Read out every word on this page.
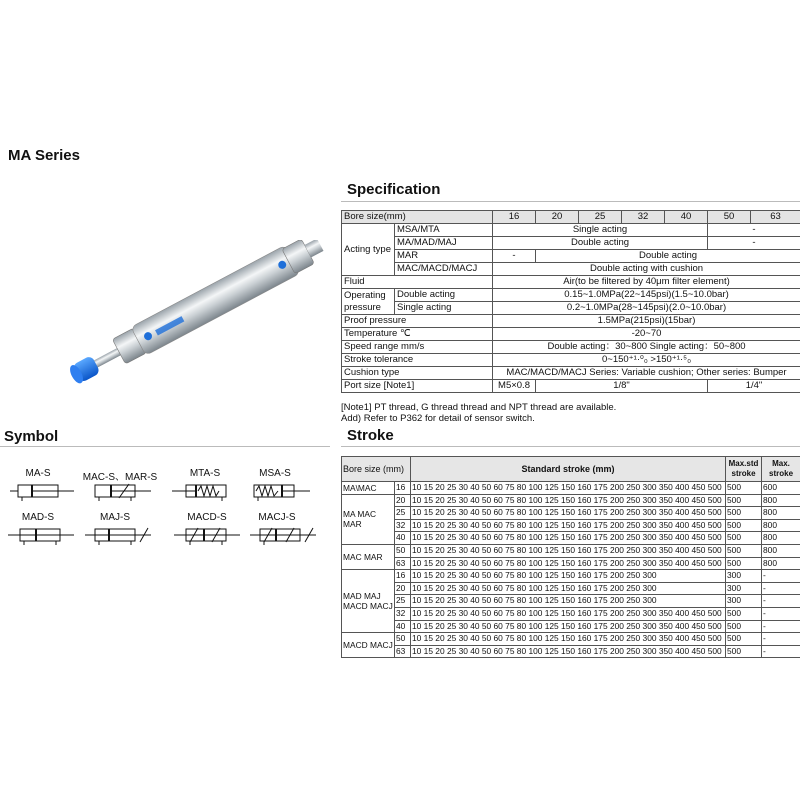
MA Series
Specification
Bore size(mm)		16	20	25	32	40	50	63
Acting type	MSA/MTA	Single acting					-	
	MA/MAD/MAJ	Double acting					-	
	MAR	-	Double acting					
	MAC/MACD/MACJ	Double acting with cushion						
Fluid		Air(to be filtered by 40μm filter element)						
Operating pressure	Double acting	0.15~1.0MPa(22~145psi)(1.5~10.0bar)						
	Single acting	0.2~1.0MPa(28~145psi)(2.0~10.0bar)						
Proof pressure		1.5MPa(215psi)(15bar)						
Temperature ℃		-20~70						
Speed range mm/s		Double acting：30~800 Single acting：50~800						
Stroke tolerance		0~150⁺¹·⁰₀ >150⁺¹·⁵₀						
Cushion type		MAC/MACD/MACJ Series: Variable cushion; Other series: Bumper						
Port size [Note1]		M5×0.8	1/8"				1/4"	
[Note1] PT thread, G thread thread and NPT thread are available.
Add) Refer to P362 for detail of sensor switch.
Symbol
MA-S	MAC-S、MAR-S	MTA-S	MSA-S
MAD-S	MAJ-S	MACD-S	MACJ-S
Stroke
Bore size (mm)		Standard stroke (mm)	Max.std stroke	Max. stroke
MA\MAC	16	10 15 20 25 30 40 50 60 75 80 100 125 150 160 175 200 250 300 350 400 450 500	500	600
MA MAC MAR	20	10 15 20 25 30 40 50 60 75 80 100 125 150 160 175 200 250 300 350 400 450 500	500	800
	25	10 15 20 25 30 40 50 60 75 80 100 125 150 160 175 200 250 300 350 400 450 500	500	800
	32	10 15 20 25 30 40 50 60 75 80 100 125 150 160 175 200 250 300 350 400 450 500	500	800
	40	10 15 20 25 30 40 50 60 75 80 100 125 150 160 175 200 250 300 350 400 450 500	500	800
MAC MAR	50	10 15 20 25 30 40 50 60 75 80 100 125 150 160 175 200 250 300 350 400 450 500	500	800
	63	10 15 20 25 30 40 50 60 75 80 100 125 150 160 175 200 250 300 350 400 450 500	500	800
MAD MAJ MACD MACJ	16	10 15 20 25 30 40 50 60 75 80 100 125 150 160 175 200 250 300	300	-
	20	10 15 20 25 30 40 50 60 75 80 100 125 150 160 175 200 250 300	300	-
	25	10 15 20 25 30 40 50 60 75 80 100 125 150 160 175 200 250 300	300	-
	32	10 15 20 25 30 40 50 60 75 80 100 125 150 160 175 200 250 300 350 400 450 500	500	-
	40	10 15 20 25 30 40 50 60 75 80 100 125 150 160 175 200 250 300 350 400 450 500	500	-
MACD MACJ	50	10 15 20 25 30 40 50 60 75 80 100 125 150 160 175 200 250 300 350 400 450 500	500	-
	63	10 15 20 25 30 40 50 60 75 80 100 125 150 160 175 200 250 300 350 400 450 500	500	-
